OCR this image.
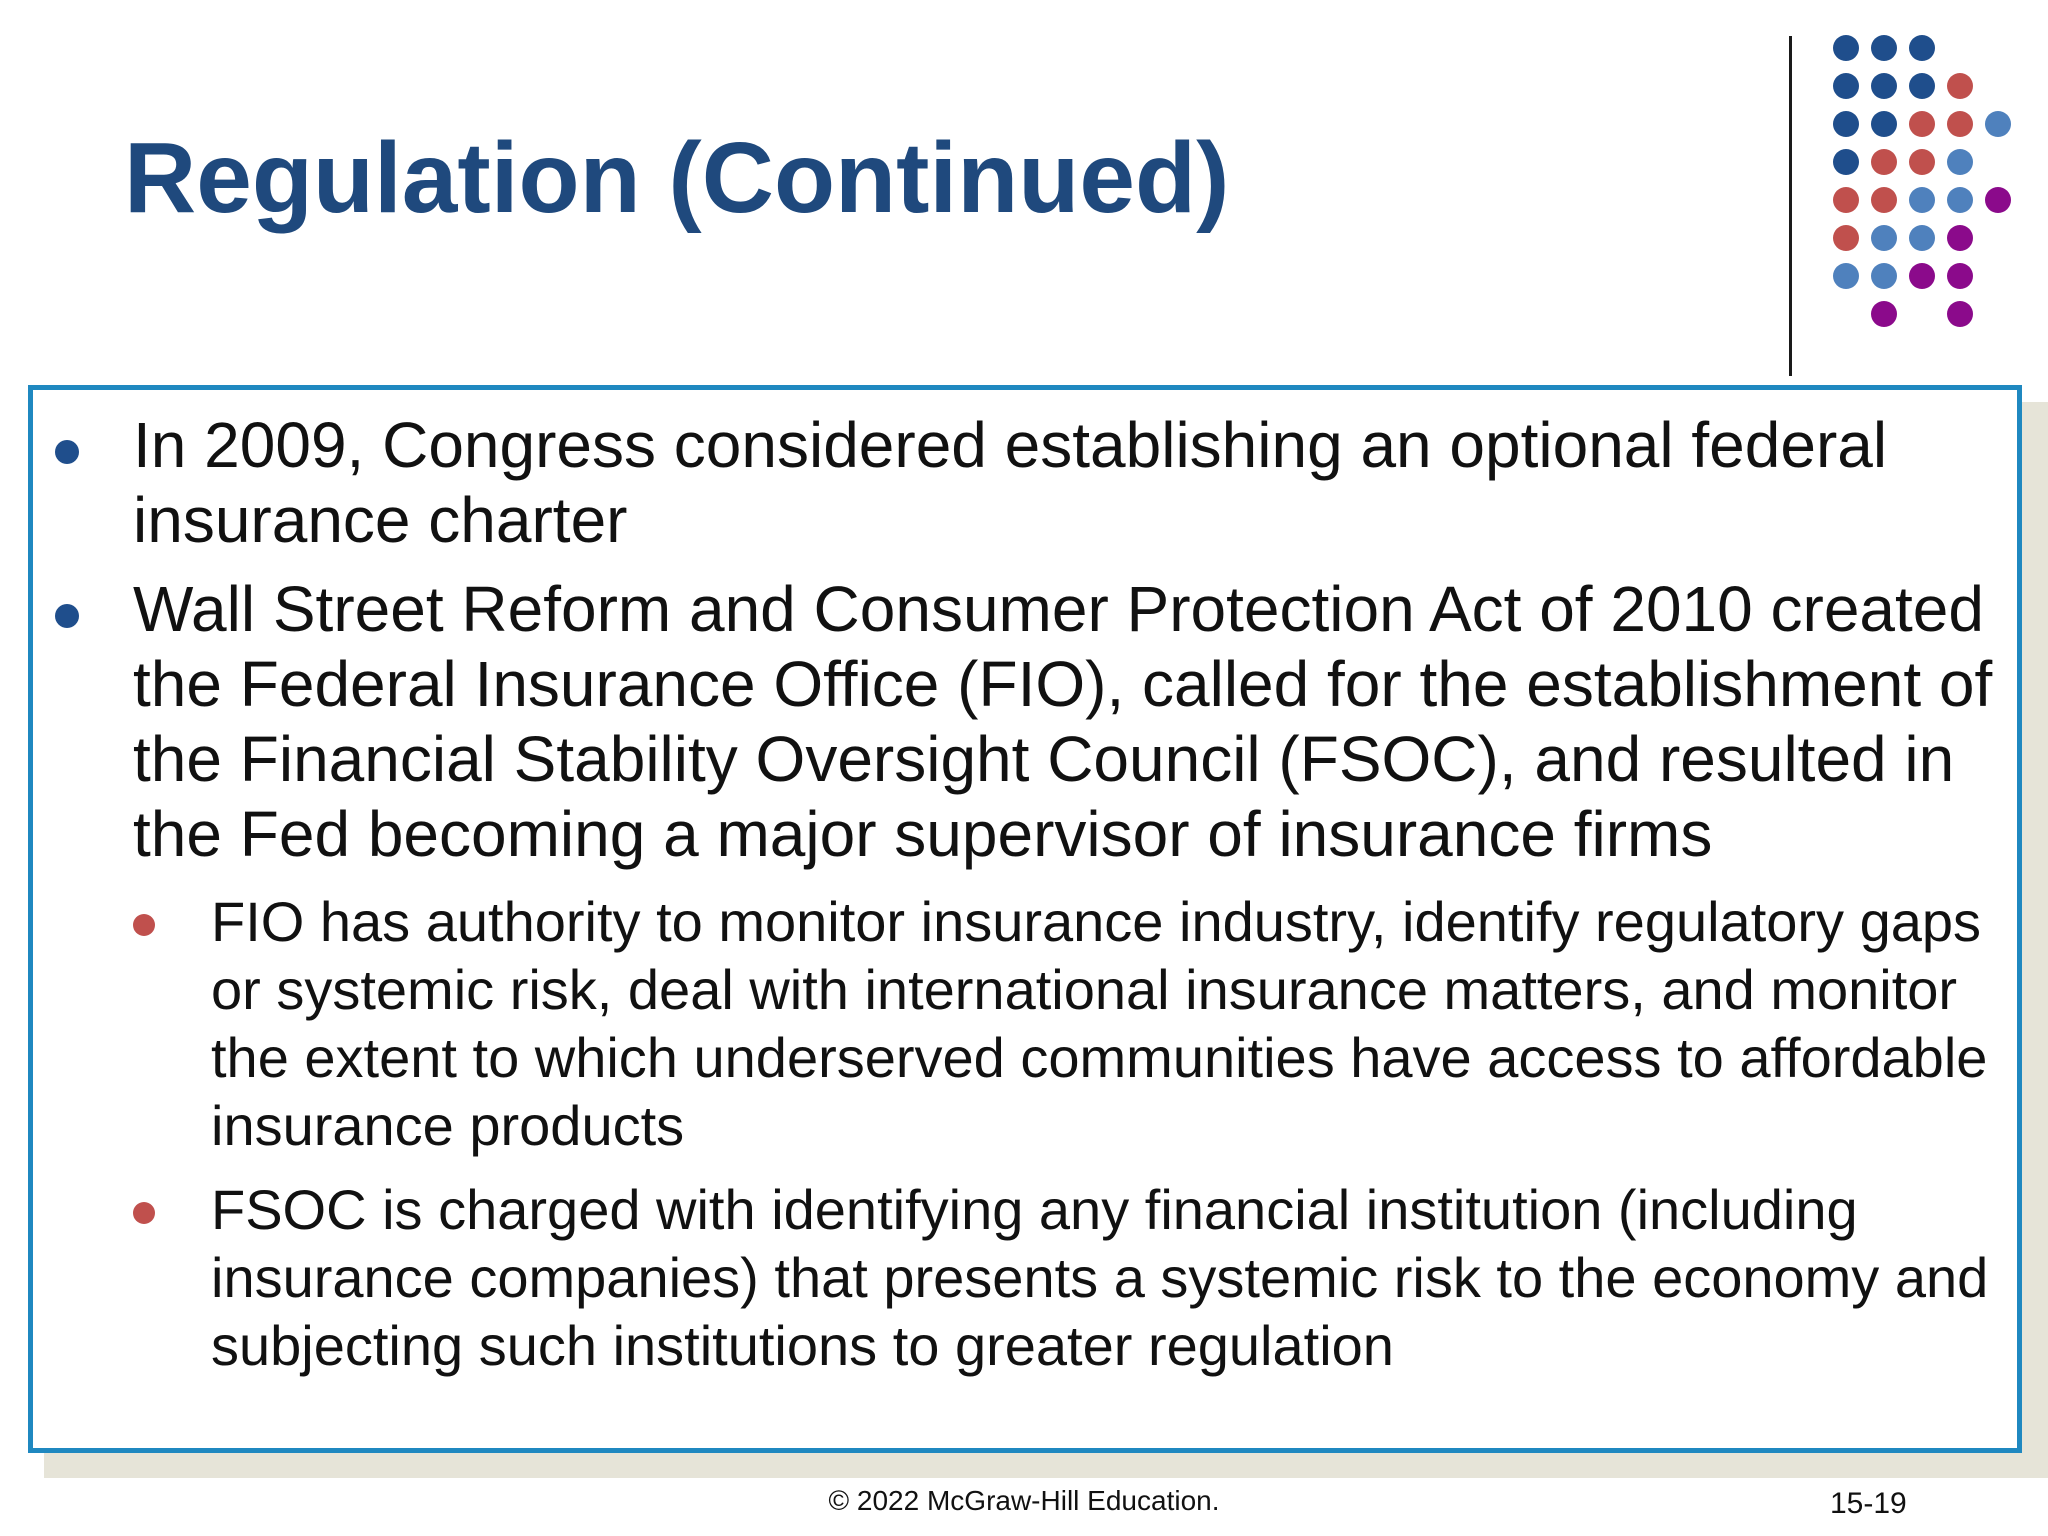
Regulation (Continued)
In 2009, Congress considered establishing an optional federal insurance charter
Wall Street Reform and Consumer Protection Act of 2010 created the Federal Insurance Office (FIO), called for the establishment of the Financial Stability Oversight Council (FSOC), and resulted in the Fed becoming a major supervisor of insurance firms
FIO has authority to monitor insurance industry, identify regulatory gaps or systemic risk, deal with international insurance matters, and monitor the extent to which underserved communities have access to affordable insurance products
FSOC is charged with identifying any financial institution (including insurance companies) that presents a systemic risk to the economy and subjecting such institutions to greater regulation
© 2022 McGraw-Hill Education.	15-19
